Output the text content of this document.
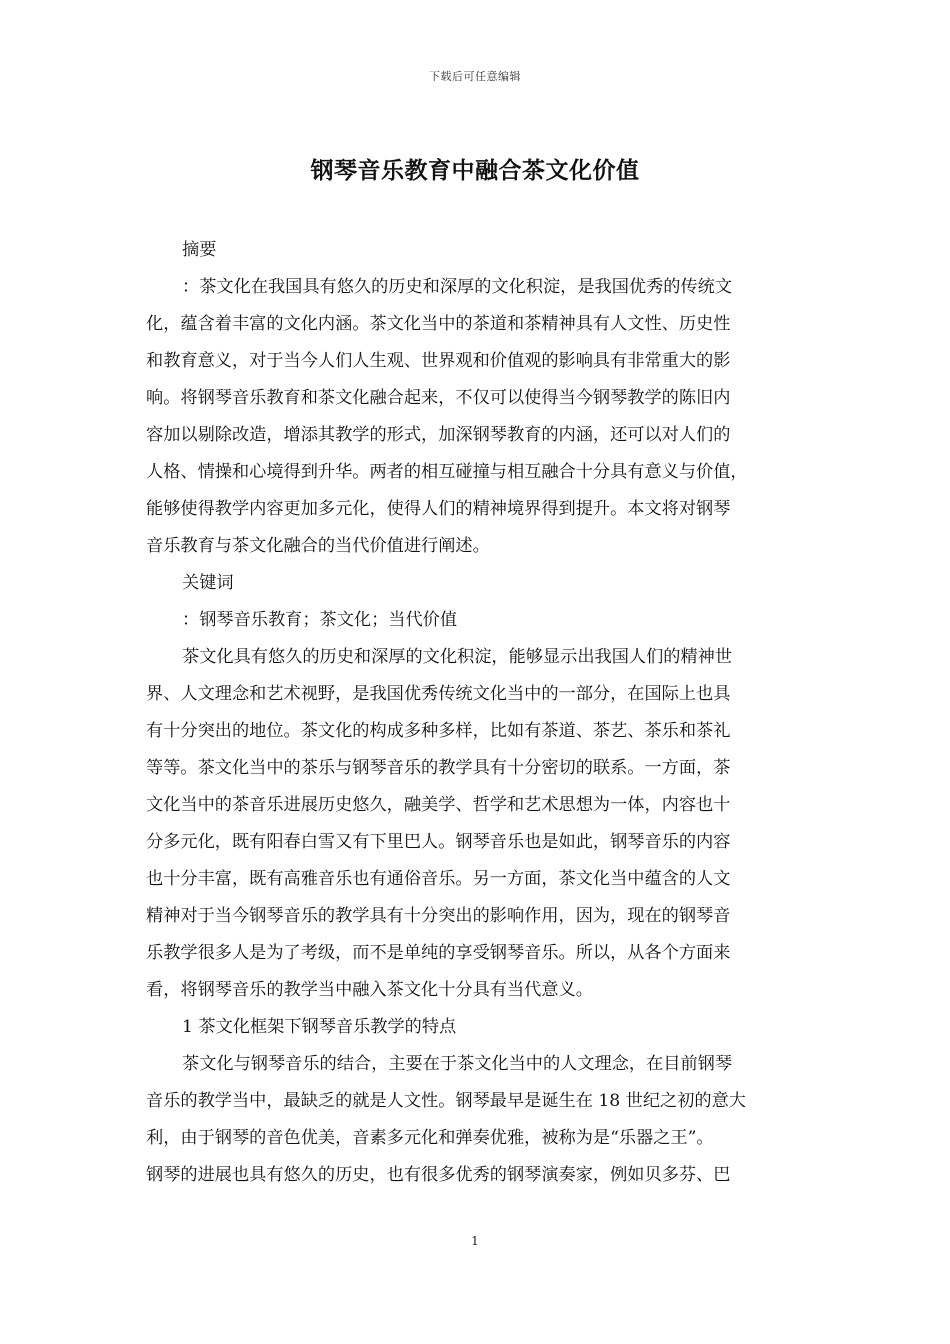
下载后可任意编辑
钢琴音乐教育中融合茶文化价值
摘要
：茶文化在我国具有悠久的历史和深厚的文化积淀，是我国优秀的传统文
化，蕴含着丰富的文化内涵。茶文化当中的茶道和茶精神具有人文性、历史性
和教育意义，对于当今人们人生观、世界观和价值观的影响具有非常重大的影
响。将钢琴音乐教育和茶文化融合起来，不仅可以使得当今钢琴教学的陈旧内
容加以剔除改造，增添其教学的形式，加深钢琴教育的内涵，还可以对人们的
人格、情操和心境得到升华。两者的相互碰撞与相互融合十分具有意义与价值，
能够使得教学内容更加多元化，使得人们的精神境界得到提升。本文将对钢琴
音乐教育与茶文化融合的当代价值进行阐述。
关键词
：钢琴音乐教育；茶文化；当代价值
茶文化具有悠久的历史和深厚的文化积淀，能够显示出我国人们的精神世
界、人文理念和艺术视野，是我国优秀传统文化当中的一部分，在国际上也具
有十分突出的地位。茶文化的构成多种多样，比如有茶道、茶艺、茶乐和茶礼
等等。茶文化当中的茶乐与钢琴音乐的教学具有十分密切的联系。一方面，茶
文化当中的茶音乐进展历史悠久，融美学、哲学和艺术思想为一体，内容也十
分多元化，既有阳春白雪又有下里巴人。钢琴音乐也是如此，钢琴音乐的内容
也十分丰富，既有高雅音乐也有通俗音乐。另一方面，茶文化当中蕴含的人文
精神对于当今钢琴音乐的教学具有十分突出的影响作用，因为，现在的钢琴音
乐教学很多人是为了考级，而不是单纯的享受钢琴音乐。所以，从各个方面来
看，将钢琴音乐的教学当中融入茶文化十分具有当代意义。
1 茶文化框架下钢琴音乐教学的特点
茶文化与钢琴音乐的结合，主要在于茶文化当中的人文理念，在目前钢琴
音乐的教学当中，最缺乏的就是人文性。钢琴最早是诞生在 18 世纪之初的意大
利，由于钢琴的音色优美，音素多元化和弹奏优雅，被称为是“乐器之王”。
钢琴的进展也具有悠久的历史，也有很多优秀的钢琴演奏家，例如贝多芬、巴
1
